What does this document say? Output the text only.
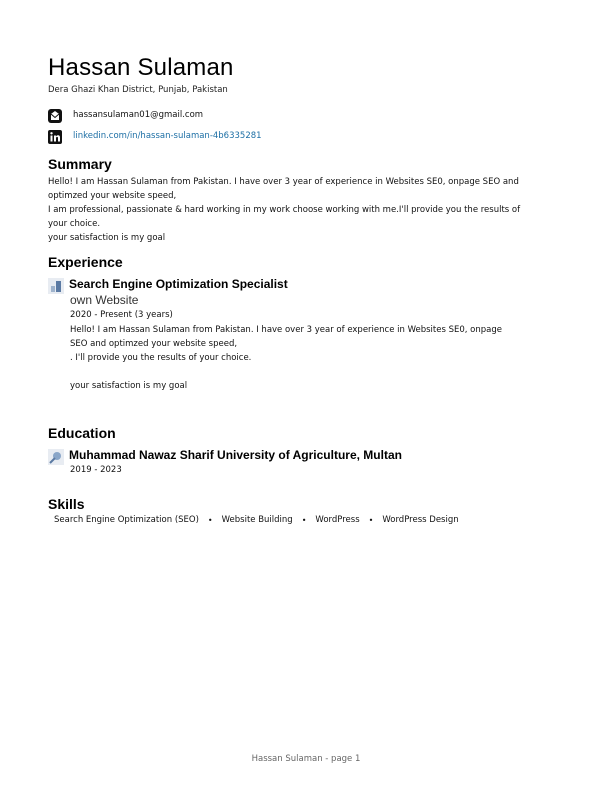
Hassan Sulaman
Dera Ghazi Khan District, Punjab, Pakistan
hassansulaman01@gmail.com
linkedin.com/in/hassan-sulaman-4b6335281
Summary
Hello! I am Hassan Sulaman from Pakistan. I have over 3 year of experience in Websites SE0, onpage SEO and
optimzed your website speed,
I am professional, passionate & hard working in my work choose working with me.I'll provide you the results of
your choice.
your satisfaction is my goal
Experience
Search Engine Optimization Specialist
own Website
2020 - Present (3 years)
Hello! I am Hassan Sulaman from Pakistan. I have over 3 year of experience in Websites SE0, onpage
SEO and optimzed your website speed,
. I'll provide you the results of your choice.
your satisfaction is my goal
Education
Muhammad Nawaz Sharif University of Agriculture, Multan
2019 - 2023
Skills
Search Engine Optimization (SEO) • Website Building • WordPress • WordPress Design
Hassan Sulaman - page 1
